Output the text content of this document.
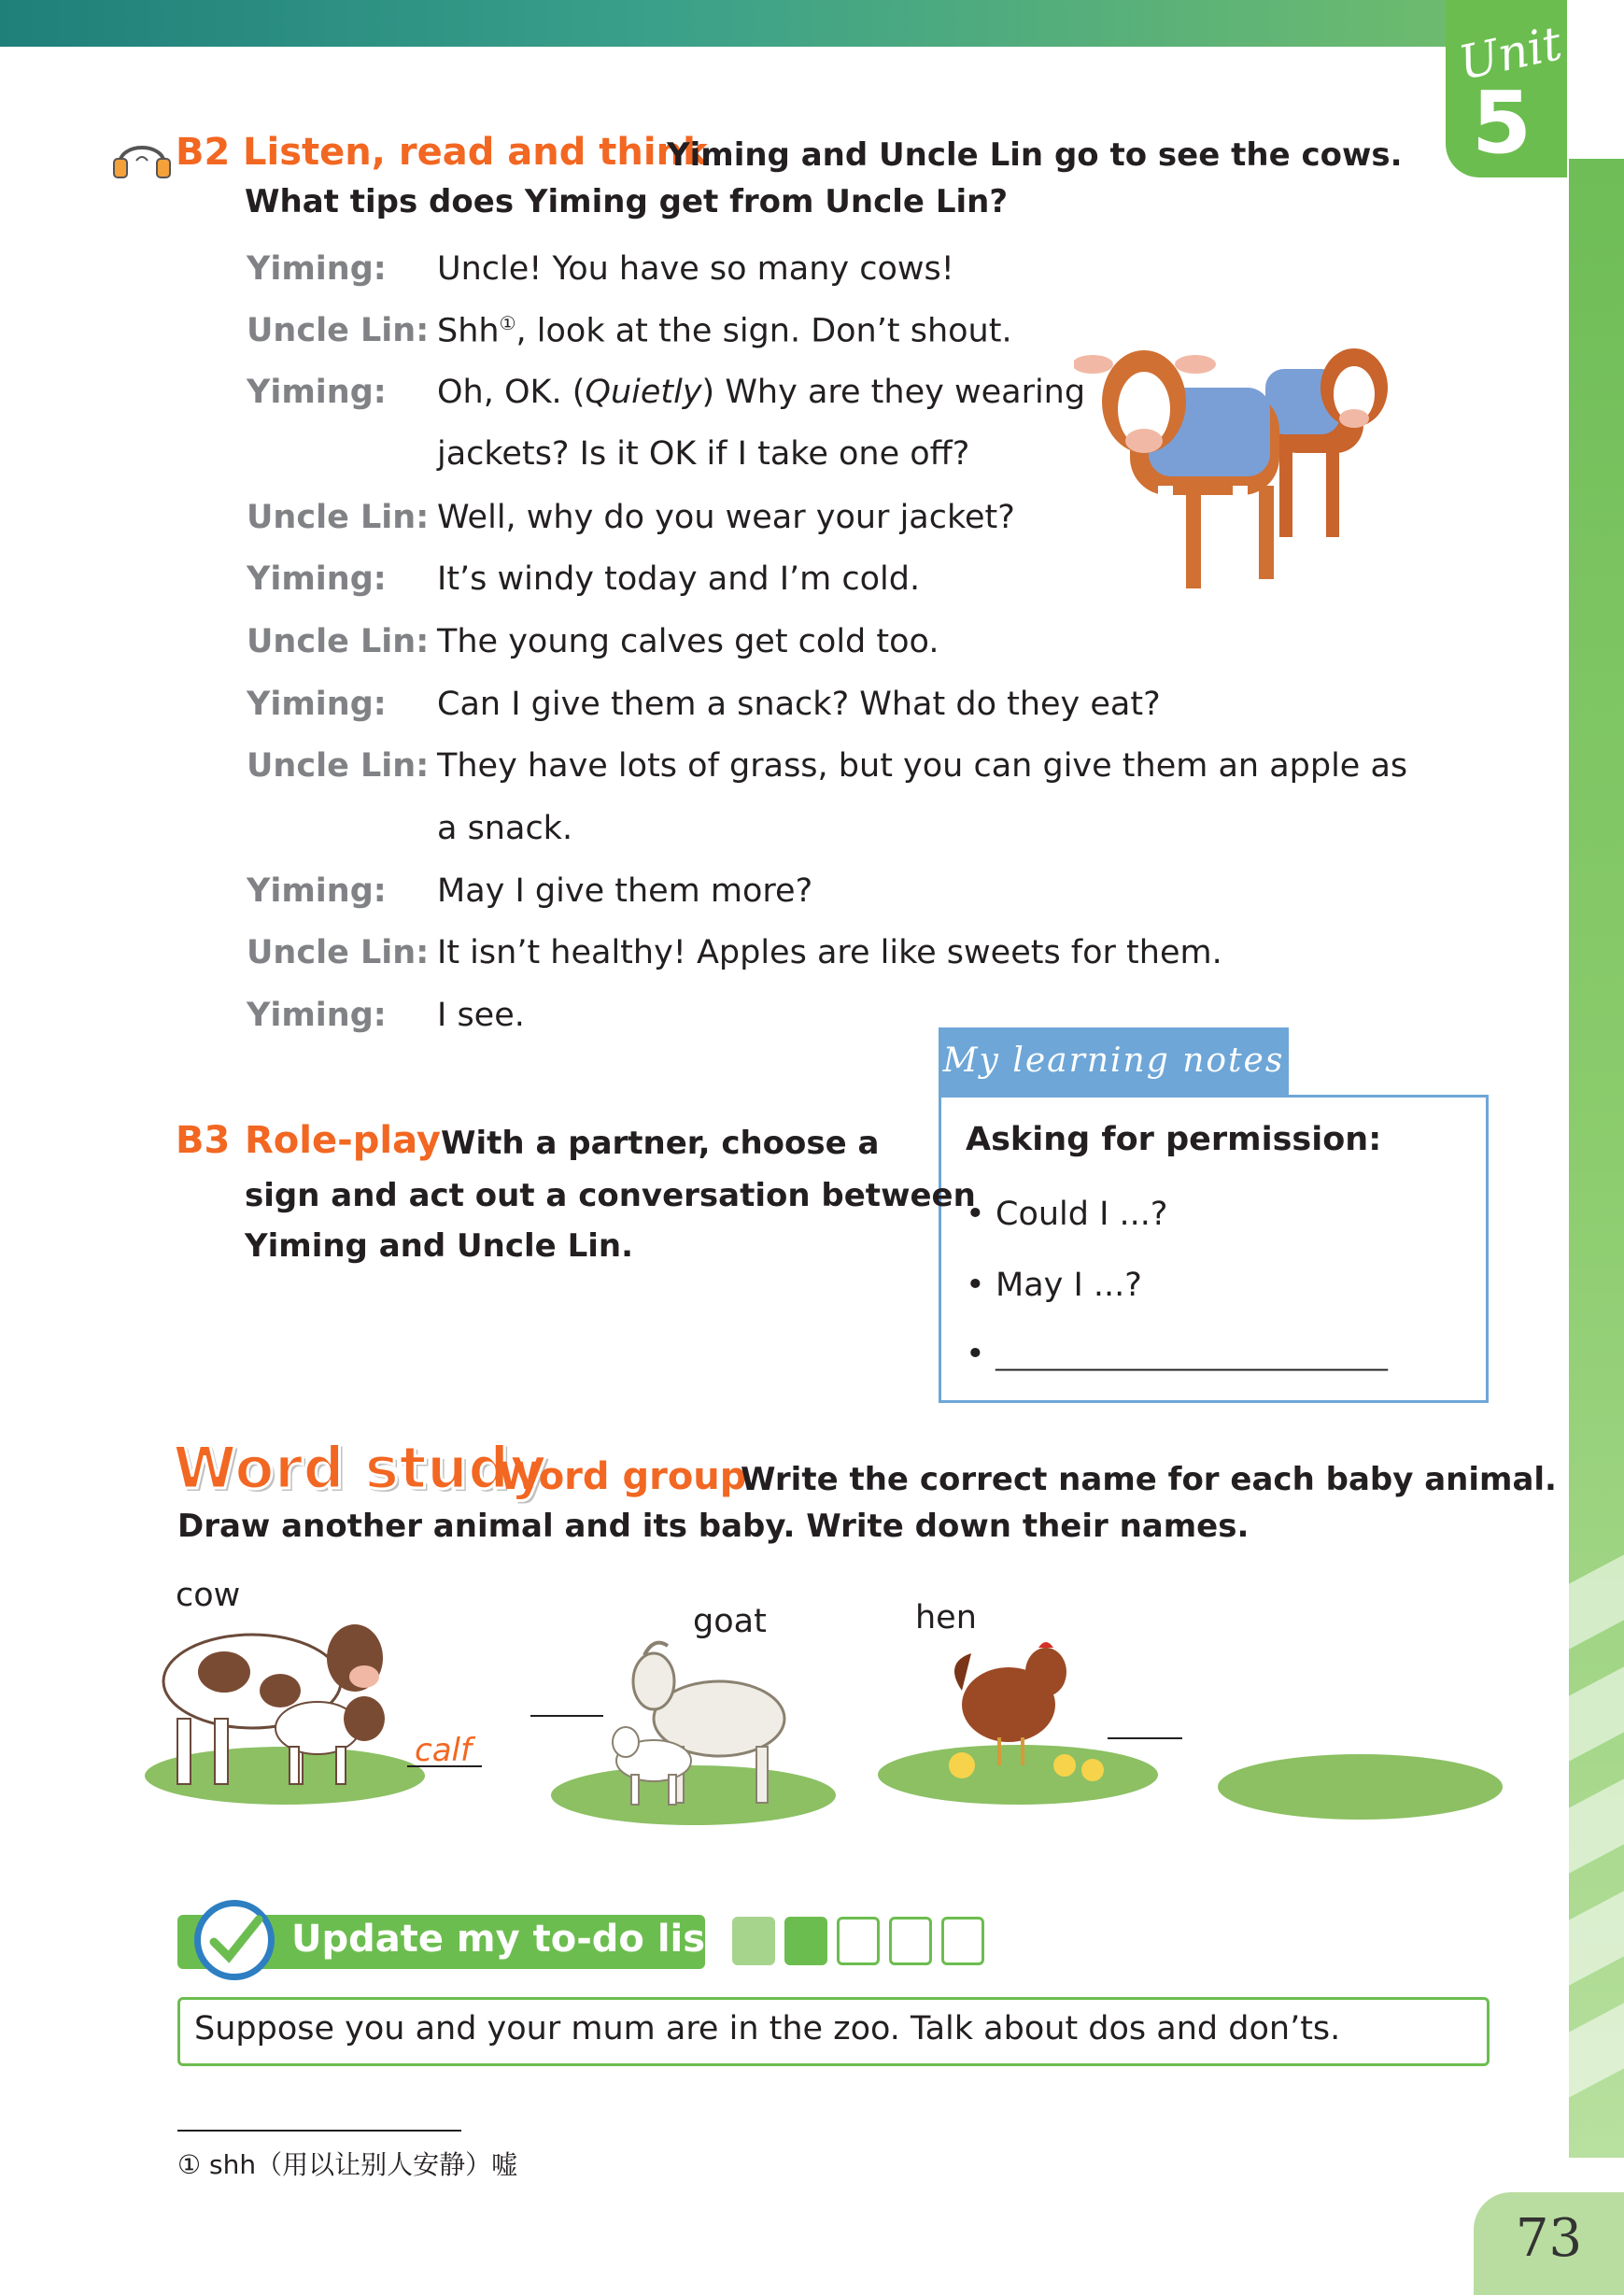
Unit
5
B2 Listen, read and think
Yiming and Uncle Lin go to see the cows.
What tips does Yiming get from Uncle Lin?
Yiming:	Uncle! You have so many cows!
Uncle Lin: Shh①, look at the sign. Don’t shout.
Yiming:	Oh, OK. (Quietly) Why are they wearing
jackets? Is it OK if I take one off?
Uncle Lin: Well, why do you wear your jacket?
Yiming:	It’s windy today and I’m cold.
Uncle Lin: The young calves get cold too.
Yiming:	Can I give them a snack? What do they eat?
Uncle Lin: They have lots of grass, but you can give them an apple as
a snack.
Yiming:	May I give them more?
Uncle Lin: It isn’t healthy! Apples are like sweets for them.
Yiming:	I see.
My learning notes
Asking for permission:
• Could I ...?
• May I ...?
• ______________________________
B3 Role-play With a partner, choose a
sign and act out a conversation between
Yiming and Uncle Lin.
Word study
Word group
Write the correct name for each baby animal.
Draw another animal and its baby. Write down their names.
cow
calf
goat	hen
Update my to-do list
Suppose you and your mum are in the zoo. Talk about dos and don’ts.
① shh（用以让别人安静）嘘
73
